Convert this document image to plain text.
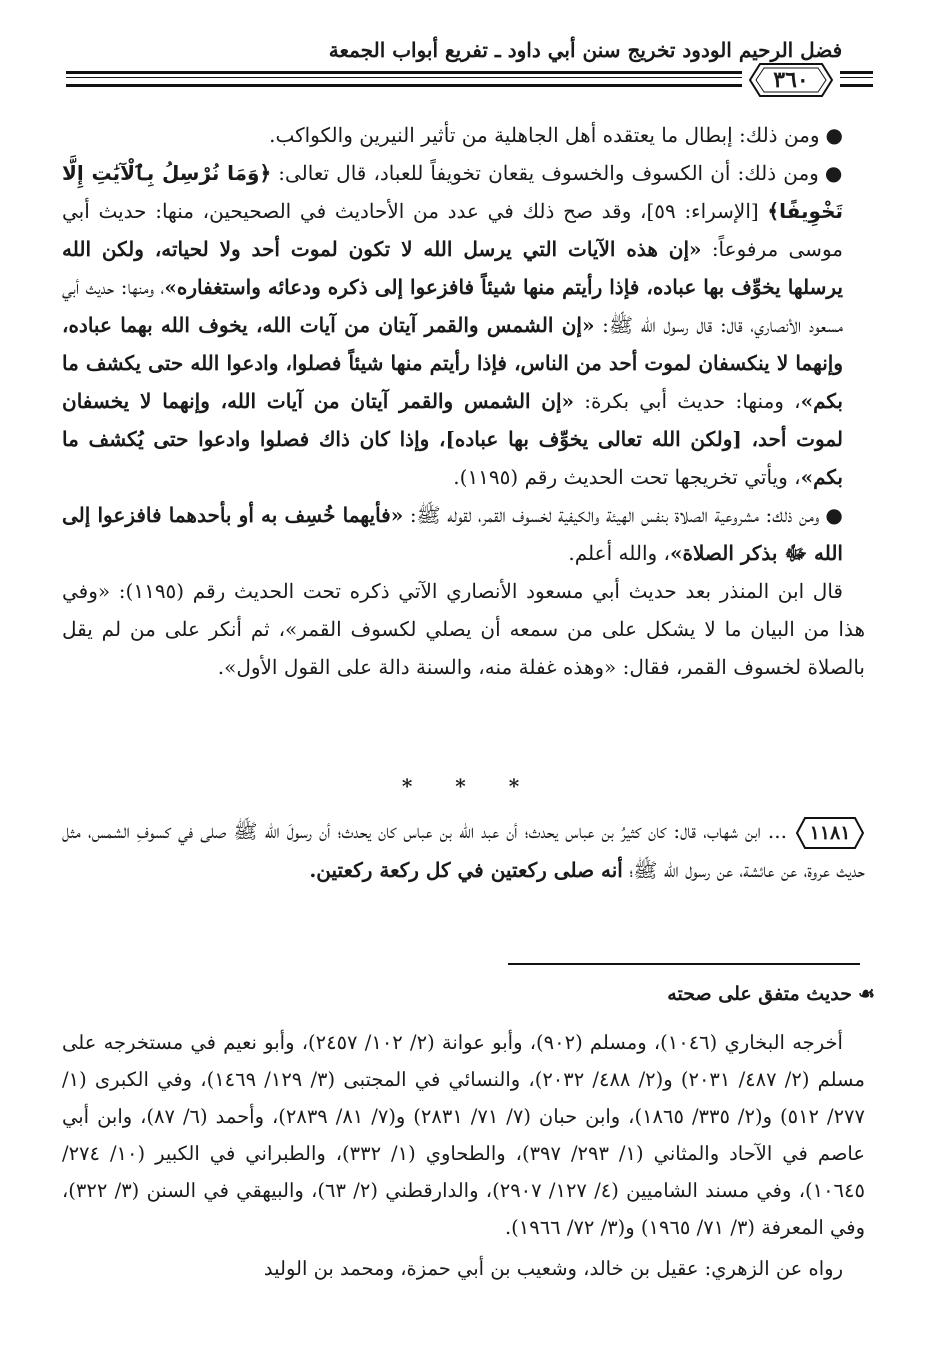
فضل الرحيم الودود تخريج سنن أبي داود ـ تفريع أبواب الجمعة
٣٦٠

●ومن ذلك: إبطال ما يعتقده أهل الجاهلية من تأثير النيرين والكواكب.

●ومن ذلك: أن الكسوف والخسوف يقعان تخويفاً للعباد، قال تعالى: ﴿وَمَا نُرْسِلُ بِٱلْآيَٰتِ إِلَّا تَخْوِيفًا﴾ [الإسراء: ٥٩]، وقد صح ذلك في عدد من الأحاديث في الصحيحين، منها: حديث أبي موسى مرفوعاً: «إن هذه الآيات التي يرسل الله لا تكون لموت أحد ولا لحياته، ولكن الله يرسلها يخوِّف بها عباده، فإذا رأيتم منها شيئاً فافزعوا إلى ذكره ودعائه واستغفاره»، ومنها: حديث أبي مسعود الأنصاري، قال: قال رسول الله ﷺ: «إن الشمس والقمر آيتان من آيات الله، يخوف الله بهما عباده، وإنهما لا ينكسفان لموت أحد من الناس، فإذا رأيتم منها شيئاً فصلوا، وادعوا الله حتى يكشف ما بكم»، ومنها: حديث أبي بكرة: «إن الشمس والقمر آيتان من آيات الله، وإنهما لا يخسفان لموت أحد، [ولكن الله تعالى يخوِّف بها عباده]، وإذا كان ذاك فصلوا وادعوا حتى يُكشف ما بكم»، ويأتي تخريجها تحت الحديث رقم (١١٩٥).

●ومن ذلك: مشروعية الصلاة بنفس الهيئة والكيفية لخسوف القمر، لقوله ﷺ: «فأيهما خُسِف به أو بأحدهما فافزعوا إلى الله ﷻ بذكر الصلاة»، والله أعلم.

قال ابن المنذر بعد حديث أبي مسعود الأنصاري الآتي ذكره تحت الحديث رقم (١١٩٥): «وفي هذا من البيان ما لا يشكل على من سمعه أن يصلي لكسوف القمر»، ثم أنكر على من لم يقل بالصلاة لخسوف القمر، فقال: «وهذه غفلة منه، والسنة دالة على القول الأول».

* * *

١١٨١
... ابن شهاب، قال: كان كثيرُ بن عباس يحدث؛ أن عبد الله بن عباس كان يحدث؛ أن رسولَ الله ﷺ صلى في كسوفِ الشمس، مثل حديث عروة، عن عائشة، عن رسول الله ﷺ؛ أنه صلى ركعتين في كل ركعة ركعتين.

☙حديث متفق على صحته

أخرجه البخاري (١٠٤٦)، ومسلم (٩٠٢)، وأبو عوانة (٢/ ١٠٢/ ٢٤٥٧)، وأبو نعيم في مستخرجه على مسلم (٢/ ٤٨٧/ ٢٠٣١) و(٢/ ٤٨٨/ ٢٠٣٢)، والنسائي في المجتبى (٣/ ١٢٩/ ١٤٦٩)، وفي الكبرى (١/ ٢٧٧/ ٥١٢) و(٢/ ٣٣٥/ ١٨٦٥)، وابن حبان (٧/ ٧١/ ٢٨٣١) و(٧/ ٨١/ ٢٨٣٩)، وأحمد (٦/ ٨٧)، وابن أبي عاصم في الآحاد والمثاني (١/ ٢٩٣/ ٣٩٧)، والطحاوي (١/ ٣٣٢)، والطبراني في الكبير (١٠/ ٢٧٤/ ١٠٦٤٥)، وفي مسند الشاميين (٤/ ١٢٧/ ٢٩٠٧)، والدارقطني (٢/ ٦٣)، والبيهقي في السنن (٣/ ٣٢٢)، وفي المعرفة (٣/ ٧١/ ١٩٦٥) و(٣/ ٧٢/ ١٩٦٦).

رواه عن الزهري: عقيل بن خالد، وشعيب بن أبي حمزة، ومحمد بن الوليد
